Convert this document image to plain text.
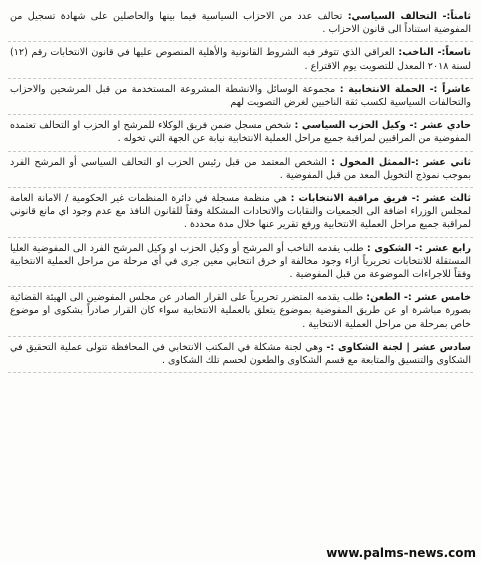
ثامناً:- التحالف السياسي: تحالف عدد من الاحزاب السياسية فيما بينها والحاصلين على شهادة تسجيل من المفوضية استناداً الى قانون الاحزاب .
تاسعاً:- الناخب: العراقي الذي تتوفر فيه الشروط القانونية والأهلية المنصوص عليها في قانون الانتخابات رقم (١٢) لسنة ٢٠١٨ المعدل للتصويت يوم الاقتراع .
عاشراً :- الحملة الانتخابية : مجموعة الوسائل والانشطة المشروعة المستخدمة من قبل المرشحين والاحزاب والتحالفات السياسية لكسب ثقة الناخبين لغرض التصويت لهم
حادي عشر :- وكيل الحزب السياسي : شخص مسجل ضمن فريق الوكلاء للمرشح او الحزب او التحالف تعتمده المفوضية من المراقبين لمراقبة جميع مراحل العملية الانتخابية نيابة عن الجهة التي تخوله .
ثاني عشر :-الممثل المخول : الشخص المعتمد من قبل رئيس الحزب او التحالف السياسي أو المرشح الفرد بموجب نموذج التخويل المعد من قبل المفوضية .
ثالث عشر :- فريق مراقبة الانتخابات : هي منظمة مسجلة في دائرة المنظمات غير الحكومية / الامانة العامة لمجلس الوزراء اضافة الى الجمعيات والنقابات والاتحادات المشكلة وفقاً للقانون النافذ مع عدم وجود اي مانع قانوني لمراقبة جميع مراحل العملية الانتخابية ورفع تقرير عنها خلال مدة محددة .
رابع عشر :- الشكوى : طلب يقدمه الناخب أو المرشح أو وكيل الحزب او وكيل المرشح الفرد الى المفوضية العليا المستقلة للانتخابات تحريرياً ازاء وجود مخالفة او خرق انتخابي معين جرى في أي مرحلة من مراحل العملية الانتخابية وفقاً للاجراءات الموضوعة من قبل المفوضية .
خامس عشر :- الطعن: طلب يقدمه المتضرر تحريرياً على القرار الصادر عن مجلس المفوضين الى الهيئة القضائية بصورة مباشرة او عن طريق المفوضية بموضوع يتعلق بالعملية الانتخابية سواء كان القرار صادراً بشكوى او موضوع خاص بمرحلة من مراحل العملية الانتخابية .
سادس عشر | لجنة الشكاوى :- وهي لجنة مشكلة في المكتب الانتخابي في المحافظة تتولى عملية التحقيق في الشكاوى والتنسيق والمتابعة مع قسم الشكاوى والطعون لحسم تلك الشكاوى .
www.palms-news.com
